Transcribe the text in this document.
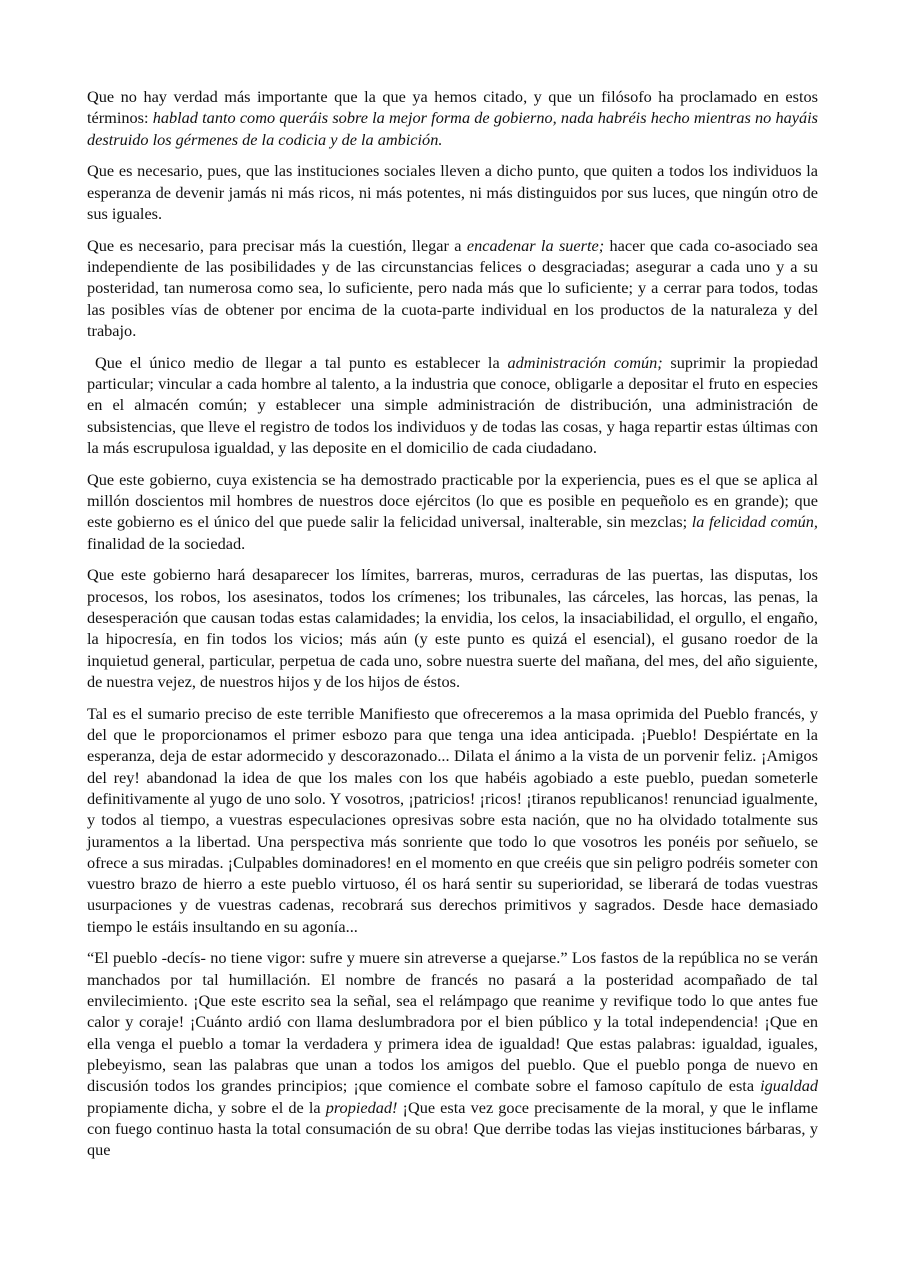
Que no hay verdad más importante que la que ya hemos citado, y que un filósofo ha proclamado en estos términos: hablad tanto como queráis sobre la mejor forma de gobierno, nada habréis hecho mientras no hayáis destruido los gérmenes de la codicia y de la ambición.

Que es necesario, pues, que las instituciones sociales lleven a dicho punto, que quiten a todos los individuos la esperanza de devenir jamás ni más ricos, ni más potentes, ni más distinguidos por sus luces, que ningún otro de sus iguales.

Que es necesario, para precisar más la cuestión, llegar a encadenar la suerte; hacer que cada co-asociado sea independiente de las posibilidades y de las circunstancias felices o desgraciadas; asegurar a cada uno y a su posteridad, tan numerosa como sea, lo suficiente, pero nada más que lo suficiente; y a cerrar para todos, todas las posibles vías de obtener por encima de la cuota-parte individual en los productos de la naturaleza y del trabajo.

Que el único medio de llegar a tal punto es establecer la administración común; suprimir la propiedad particular; vincular a cada hombre al talento, a la industria que conoce, obligarle a depositar el fruto en especies en el almacén común; y establecer una simple administración de distribución, una administración de subsistencias, que lleve el registro de todos los individuos y de todas las cosas, y haga repartir estas últimas con la más escrupulosa igualdad, y las deposite en el domicilio de cada ciudadano.

Que este gobierno, cuya existencia se ha demostrado practicable por la experiencia, pues es el que se aplica al millón doscientos mil hombres de nuestros doce ejércitos (lo que es posible en pequeñolo es en grande); que este gobierno es el único del que puede salir la felicidad universal, inalterable, sin mezclas; la felicidad común, finalidad de la sociedad.

Que este gobierno hará desaparecer los límites, barreras, muros, cerraduras de las puertas, las disputas, los procesos, los robos, los asesinatos, todos los crímenes; los tribunales, las cárceles, las horcas, las penas, la desesperación que causan todas estas calamidades; la envidia, los celos, la insaciabilidad, el orgullo, el engaño, la hipocresía, en fin todos los vicios; más aún (y este punto es quizá el esencial), el gusano roedor de la inquietud general, particular, perpetua de cada uno, sobre nuestra suerte del mañana, del mes, del año siguiente, de nuestra vejez, de nuestros hijos y de los hijos de éstos.

Tal es el sumario preciso de este terrible Manifiesto que ofreceremos a la masa oprimida del Pueblo francés, y del que le proporcionamos el primer esbozo para que tenga una idea anticipada. ¡Pueblo! Despiértate en la esperanza, deja de estar adormecido y descorazonado... Dilata el ánimo a la vista de un porvenir feliz. ¡Amigos del rey! abandonad la idea de que los males con los que habéis agobiado a este pueblo, puedan someterle definitivamente al yugo de uno solo. Y vosotros, ¡patricios! ¡ricos! ¡tiranos republicanos! renunciad igualmente, y todos al tiempo, a vuestras especulaciones opresivas sobre esta nación, que no ha olvidado totalmente sus juramentos a la libertad. Una perspectiva más sonriente que todo lo que vosotros les ponéis por señuelo, se ofrece a sus miradas. ¡Culpables dominadores! en el momento en que creéis que sin peligro podréis someter con vuestro brazo de hierro a este pueblo virtuoso, él os hará sentir su superioridad, se liberará de todas vuestras usurpaciones y de vuestras cadenas, recobrará sus derechos primitivos y sagrados. Desde hace demasiado tiempo le estáis insultando en su agonía...

“El pueblo -decís- no tiene vigor: sufre y muere sin atreverse a quejarse.” Los fastos de la república no se verán manchados por tal humillación. El nombre de francés no pasará a la posteridad acompañado de tal envilecimiento. ¡Que este escrito sea la señal, sea el relámpago que reanime y revifique todo lo que antes fue calor y coraje! ¡Cuánto ardió con llama deslumbradora por el bien público y la total independencia! ¡Que en ella venga el pueblo a tomar la verdadera y primera idea de igualdad! Que estas palabras: igualdad, iguales, plebeyismo, sean las palabras que unan a todos los amigos del pueblo. Que el pueblo ponga de nuevo en discusión todos los grandes principios; ¡que comience el combate sobre el famoso capítulo de esta igualdad propiamente dicha, y sobre el de la propiedad! ¡Que esta vez goce precisamente de la moral, y que le inflame con fuego continuo hasta la total consumación de su obra! Que derribe todas las viejas instituciones bárbaras, y que
